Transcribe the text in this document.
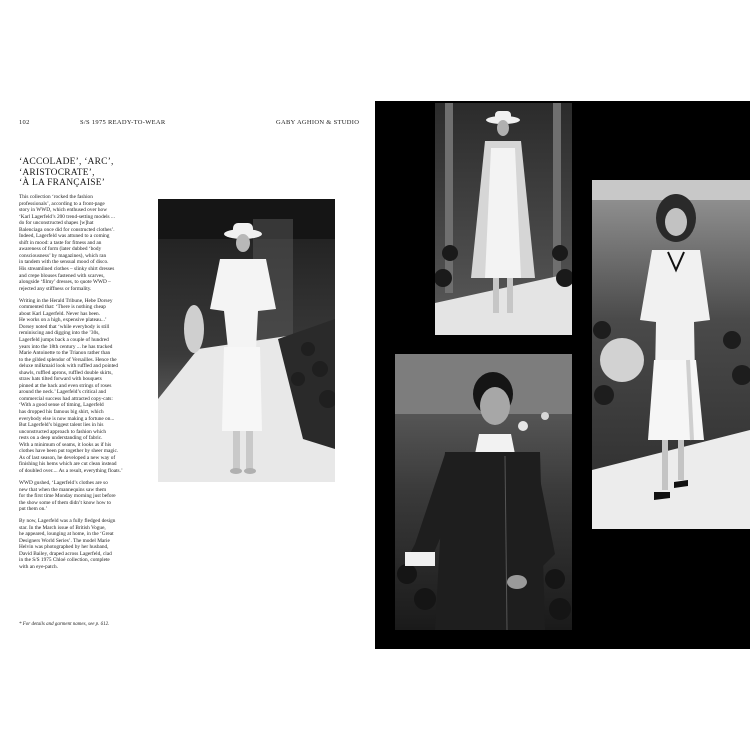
102	S/S 1975 READY-TO-WEAR	GABY AGHION & STUDIO
‘ACCOLADE’, ‘ARC’,
‘ARISTOCRATE’,
‘À LA FRANÇAISE’

This collection ‘rocked the fashion
professionals’, according to a front-page
story in WWD, which enthused over how
‘Karl Lagerfeld’s 200 trend-setting models ...
do for unconstructed shapes [w]hat
Balenciaga once did for constructed clothes’.
Indeed, Lagerfeld was attuned to a coming
shift in mood: a taste for fitness and an
awareness of form (later dubbed ‘body
consciousness’ by magazines), which ran
in tandem with the sensual mood of disco.
His streamlined clothes – slinky shirt dresses
and crepe blouses fastened with scarves,
alongside ‘filmy’ dresses, to quote WWD –
rejected any stiffness or formality.

Writing in the Herald Tribune, Hebe Dorsey
commented that: ‘There is nothing cheap
about Karl Lagerfeld. Never has been.
He works on a high, expensive plateau...’
Dorsey noted that ‘while everybody is still
reminiscing and digging into the ’30s,
Lagerfeld jumps back a couple of hundred
years into the 18th century ... he has tracked
Marie Antoinette to the Trianon rather than
to the gilded splendor of Versailles. Hence the
deluxe milkmaid look with ruffled and pointed
shawls, ruffled aprons, ruffled double skirts,
straw hats tilted forward with bouquets
pinned at the back and even strings of roses
around the neck.’ Lagerfeld’s critical and
commercial success had attracted copy-cats:
‘With a good sense of timing, Lagerfeld
has dropped his famous big shirt, which
everybody else is now making a fortune on...
But Lagerfeld’s biggest talent lies in his
unconstructed approach to fashion which
rests on a deep understanding of fabric.
With a minimum of seams, it looks as if his
clothes have been put together by sheer magic.
As of last season, he developed a new way of
finishing his hems which are cut clean instead
of doubled over.... As a result, everything floats.’

WWD gushed, ‘Lagerfeld’s clothes are so
new that when the mannequins saw them
for the first time Monday morning just before
the show some of them didn’t know how to
put them on.’

By now, Lagerfeld was a fully fledged design
star. In the March issue of British Vogue,
he appeared, lounging at home, in the ‘Great
Designers World Series’. The model Marie
Helvin was photographed by her husband,
David Bailey, draped across Lagerfeld, clad
in the S/S 1975 Chloé collection, complete
with an eye-patch.

* For details and garment names, see p. 612.
